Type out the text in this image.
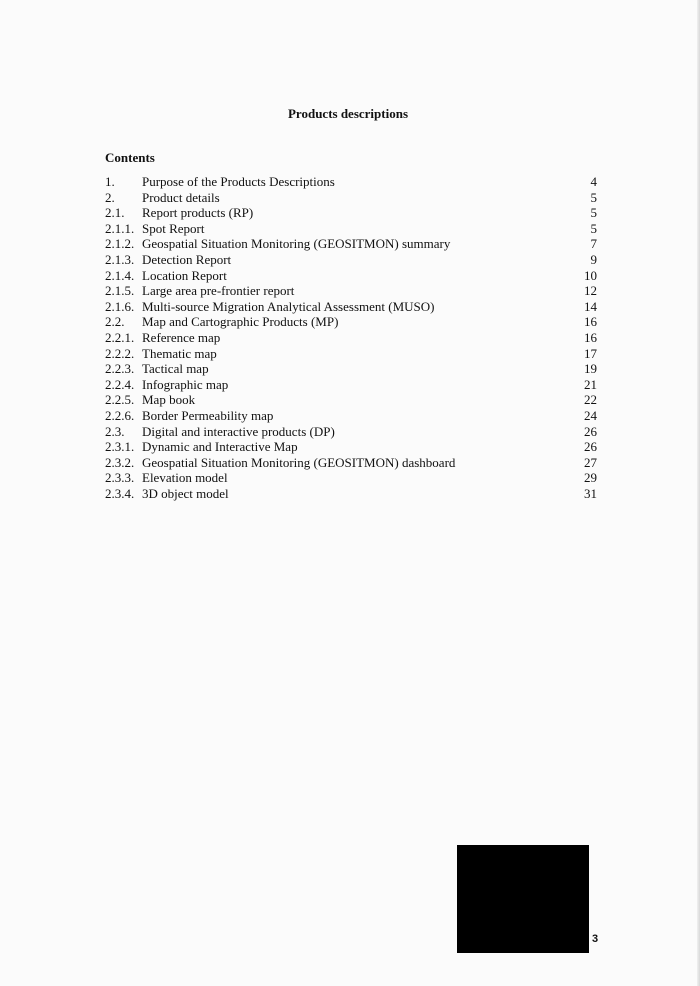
Products descriptions
Contents
1.	Purpose of the Products Descriptions	4
2.	Product details	5
2.1.	Report products (RP)	5
2.1.1. Spot Report	5
2.1.2. Geospatial Situation Monitoring (GEOSITMON) summary	7
2.1.3. Detection Report	9
2.1.4. Location Report	10
2.1.5. Large area pre-frontier report	12
2.1.6. Multi-source Migration Analytical Assessment (MUSO)	14
2.2.	Map and Cartographic Products (MP)	16
2.2.1. Reference map	16
2.2.2. Thematic map	17
2.2.3. Tactical map	19
2.2.4. Infographic map	21
2.2.5. Map book	22
2.2.6. Border Permeability map	24
2.3.	Digital and interactive products (DP)	26
2.3.1. Dynamic and Interactive Map	26
2.3.2. Geospatial Situation Monitoring (GEOSITMON) dashboard	27
2.3.3. Elevation model	29
2.3.4. 3D object model	31
3
